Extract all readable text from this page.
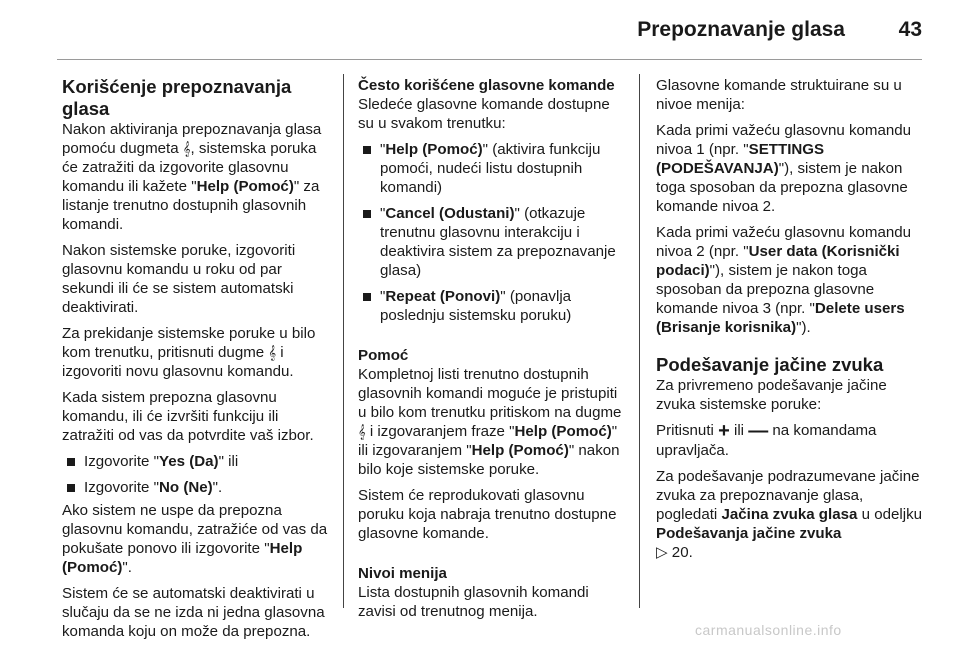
Prepoznavanje glasa	43
Korišćenje prepoznavanja glasa

Nakon aktiviranja prepoznavanja glasa pomoću dugmeta 𝄞, sistemska poruka će zatražiti da izgovorite glasovnu komandu ili kažete "Help (Pomoć)" za listanje trenutno dostupnih glasovnih komandi.

Nakon sistemske poruke, izgovoriti glasovnu komandu u roku od par sekundi ili će se sistem automatski deaktivirati.

Za prekidanje sistemske poruke u bilo kom trenutku, pritisnuti dugme 𝄞 i izgovoriti novu glasovnu komandu.

Kada sistem prepozna glasovnu komandu, ili će izvršiti funkciju ili zatražiti od vas da potvrdite vaš izbor.

Izgovorite "Yes (Da)" ili
Izgovorite "No (Ne)".

Ako sistem ne uspe da prepozna glasovnu komandu, zatražiće od vas da pokušate ponovo ili izgovorite "Help (Pomoć)".

Sistem će se automatski deaktivirati u slučaju da se ne izda ni jedna glasovna komanda koju on može da prepozna.

Često korišćene glasovne komande

Sledeće glasovne komande dostupne su u svakom trenutku:

"Help (Pomoć)" (aktivira funkciju pomoći, nudeći listu dostupnih komandi)
"Cancel (Odustani)" (otkazuje trenutnu glasovnu interakciju i deaktivira sistem za prepoznavanje glasa)
"Repeat (Ponovi)" (ponavlja poslednju sistemsku poruku)
Pomoć

Kompletnoj listi trenutno dostupnih glasovnih komandi moguće je pristupiti u bilo kom trenutku pritiskom na dugme 𝄞 i izgovaranjem fraze "Help (Pomoć)" ili izgovaranjem "Help (Pomoć)" nakon bilo koje sistemske poruke.

Sistem će reprodukovati glasovnu poruku koja nabraja trenutno dostupne glasovne komande.

Nivoi menija

Lista dostupnih glasovnih komandi zavisi od trenutnog menija.

Glasovne komande struktuirane su u nivoe menija:

Kada primi važeću glasovnu komandu nivoa 1 (npr. "SETTINGS (PODEŠAVANJA)"), sistem je nakon toga sposoban da prepozna glasovne komande nivoa 2.

Kada primi važeću glasovnu komandu nivoa 2 (npr. "User data (Korisnički podaci)"), sistem je nakon toga sposoban da prepozna glasovne komande nivoa 3 (npr. "Delete users (Brisanje korisnika)").

Podešavanje jačine zvuka

Za privremeno podešavanje jačine zvuka sistemske poruke:

Pritisnuti + ili — na komandama upravljača.

Za podešavanje podrazumevane jačine zvuka za prepoznavanje glasa, pogledati Jačina zvuka glasa u odeljku Podešavanja jačine zvuka
▷ 20.

carmanualsonline.info
